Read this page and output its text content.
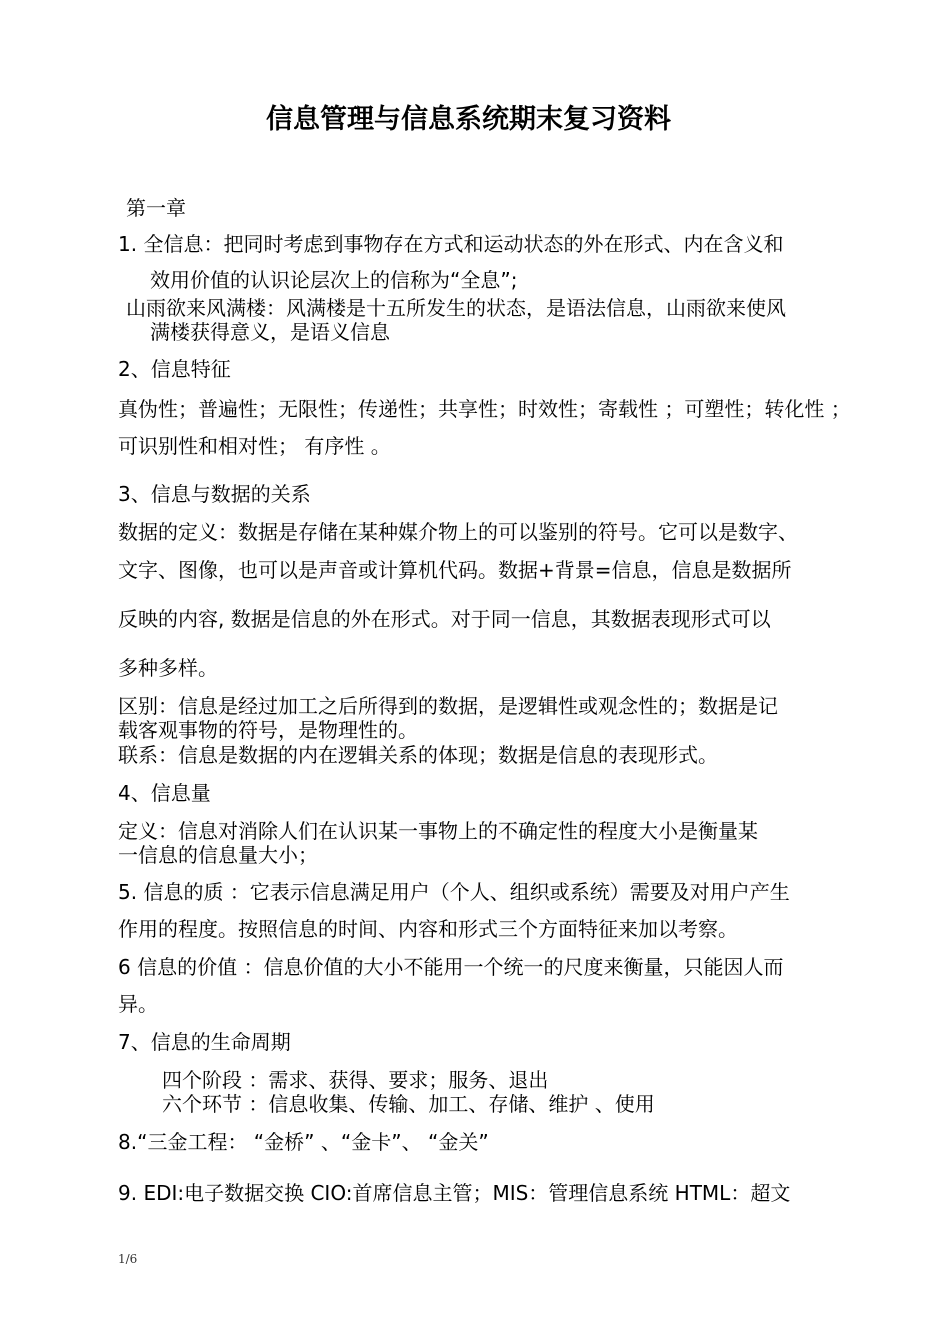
信息管理与信息系统期末复习资料
第一章
1. 全信息：把同时考虑到事物存在方式和运动状态的外在形式、内在含义和
效用价值的认识论层次上的信称为“全息”;
山雨欲来风满楼：风满楼是十五所发生的状态，是语法信息，山雨欲来使风
满楼获得意义，是语义信息
2、信息特征
真伪性；普遍性；无限性；传递性；共享性；时效性；寄载性 ；可塑性；转化性 ；
可识别性和相对性； 有序性 。
3、信息与数据的关系
数据的定义：数据是存储在某种媒介物上的可以鉴别的符号。它可以是数字、
文字、图像，也可以是声音或计算机代码。数据+背景=信息，信息是数据所
反映的内容, 数据是信息的外在形式。对于同一信息，其数据表现形式可以
多种多样。
区别：信息是经过加工之后所得到的数据，是逻辑性或观念性的；数据是记
载客观事物的符号，是物理性的。
联系：信息是数据的内在逻辑关系的体现；数据是信息的表现形式。
4、信息量
定义：信息对消除人们在认识某一事物上的不确定性的程度大小是衡量某
一信息的信息量大小；
5. 信息的质 ：它表示信息满足用户（个人、组织或系统）需要及对用户产生
作用的程度。按照信息的时间、内容和形式三个方面特征来加以考察。
6 信息的价值 ：信息价值的大小不能用一个统一的尺度来衡量，只能因人而
异。
7、信息的生命周期
四个阶段 ：需求、获得、要求；服务、退出
六个环节 ：信息收集、传输、加工、存储、维护 、使用
8.“三金工程： “金桥” 、“金卡”、 “金关”
9. EDI:电子数据交换 CIO:首席信息主管；MIS：管理信息系统 HTML：超文
1/6
